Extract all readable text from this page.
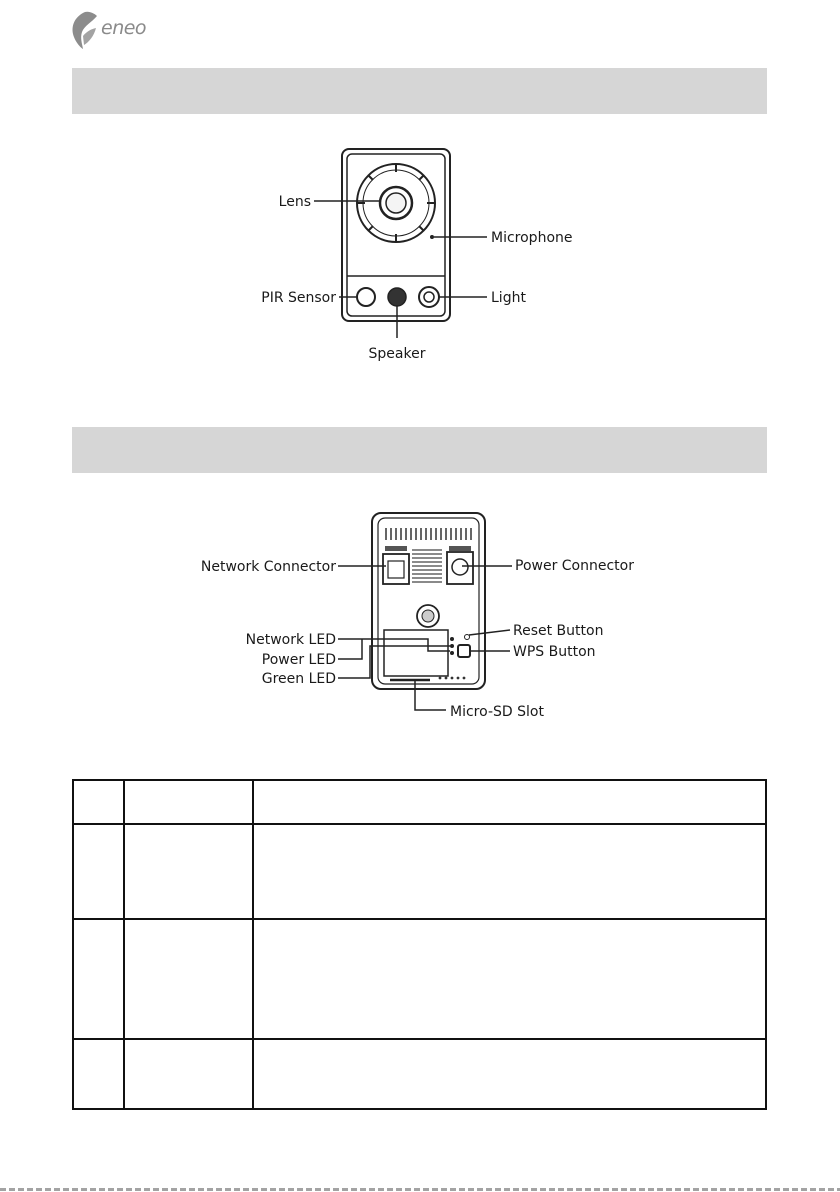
eneo
Lens
Microphone
PIR Sensor	Light
Speaker
Network Connector	Power Connector
Network LED
Power LED
Green LED
Reset Button
WPS Button
Micro-SD Slot
